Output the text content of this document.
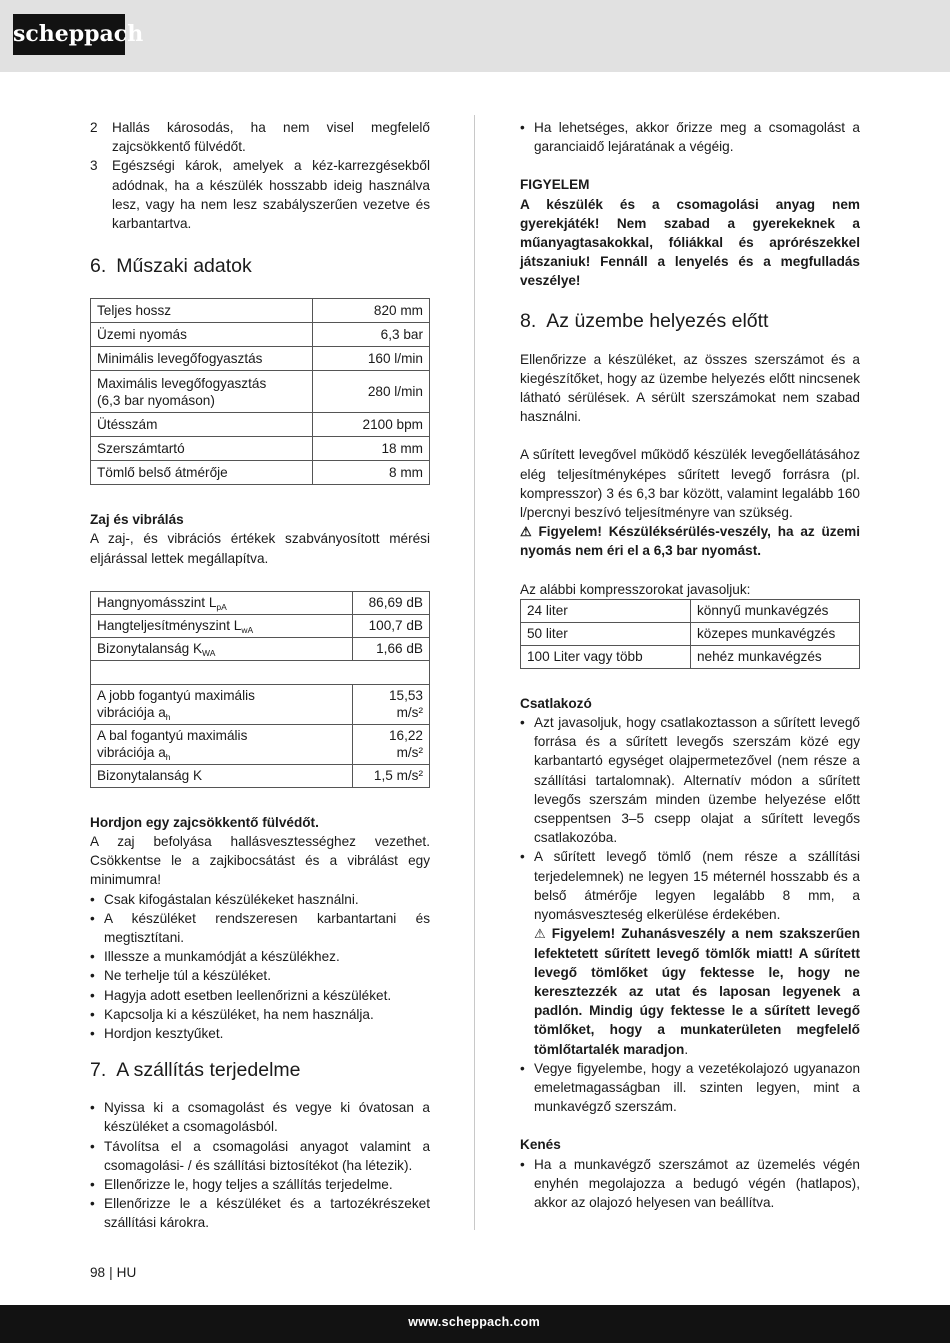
scheppach
2	Hallás károsodás, ha nem visel megfelelő zajcsökkentő fülvédőt.
3	Egészségi károk, amelyek a kéz-karrezgésekből adódnak, ha a készülék hosszabb ideig használva lesz, vagy ha nem lesz szabályszerűen vezetve és karbantartva.
6. Műszaki adatok
Teljes hossz	820 mm
Üzemi nyomás	6,3 bar
Minimális levegőfogyasztás	160 l/min

Maximális levegőfogyasztás
(6,3 bar nyomáson)	280 l/min
Ütésszám	2100 bpm
Szerszámtartó	18 mm
Tömlő belső átmérője	8 mm
Zaj és vibrálás
A zaj-, és vibrációs értékek szabványosított mérési eljárással lettek megállapítva.
Hangnyomásszint $L_{pA}$	86,69 dB
Hangteljesítményszint $L_{wA}$	100,7 dB
Bizonytalanság $K_{WA}$	1,66 dB

A jobb fogantyú maximális
vibrációja $a_h$	15,53 m/s²

A bal fogantyú maximális
vibrációja $a_h$	16,22 m/s²
Bizonytalanság K	1,5 m/s²
Hordjon egy zajcsökkentő fülvédőt.
A zaj befolyása hallásvesztességhez vezethet. Csökkentse le a zajkibocsátást és a vibrálást egy minimumra!
• Csak kifogástalan készülékeket használni.
• A készüléket rendszeresen karbantartani és megtisztítani.
• Illessze a munkamódját a készülékhez.
• Ne terhelje túl a készüléket.
• Hagyja adott esetben leellenőrizni a készüléket.
• Kapcsolja ki a készüléket, ha nem használja.
• Hordjon kesztyűket.
7. A szállítás terjedelme
• Nyissa ki a csomagolást és vegye ki óvatosan a készüléket a csomagolásból.
• Távolítsa el a csomagolási anyagot valamint a csomagolási- / és szállítási biztosítékot (ha létezik).
• Ellenőrizze le, hogy teljes a szállítás terjedelme.
• Ellenőrizze le a készüléket és a tartozékrészeket szállítási károkra.
• Ha lehetséges, akkor őrizze meg a csomagolást a garanciaidő lejáratának a végéig.
FIGYELEM
A készülék és a csomagolási anyag nem gyerekjáték! Nem szabad a gyerekeknek a műanyagtasakokkal, fóliákkal és aprórészekkel játszaniuk! Fennáll a lenyelés és a megfulladás veszélye!
8. Az üzembe helyezés előtt
Ellenőrizze a készüléket, az összes szerszámot és a kiegészítőket, hogy az üzembe helyezés előtt nincsenek látható sérülések. A sérült szerszámokat nem szabad használni.
A sűrített levegővel működő készülék levegőellátásához elég teljesítményképes sűrített levegő forrásra (pl. kompresszor) 3 és 6,3 bar között, valamint legalább 160 l/percnyi beszívó teljesítményre van szükség.
⚠ Figyelem! Készüléksérülés-veszély, ha az üzemi nyomás nem éri el a 6,3 bar nyomást.
Az alábbi kompresszorokat javasoljuk:
24 liter	könnyű munkavégzés
50 liter	közepes munkavégzés
100 Liter vagy több	nehéz munkavégzés
Csatlakozó
• Azt javasoljuk, hogy csatlakoztasson a sűrített levegő forrása és a sűrített levegős szerszám közé egy karbantartó egységet olajpermetezővel (nem része a szállítási tartalomnak). Alternatív módon a sűrített levegős szerszám minden üzembe helyezése előtt cseppentsen 3–5 csepp olajat a sűrített levegős csatlakozóba.
• A sűrített levegő tömlő (nem része a szállítási terjedelemnek) ne legyen 15 méternél hosszabb és a belső átmérője legyen legalább 8 mm, a nyomásveszteség elkerülése érdekében.
⚠ Figyelem! Zuhanásveszély a nem szakszerűen lefektetett sűrített levegő tömlők miatt! A sűrített levegő tömlőket úgy fektesse le, hogy ne keresztezzék az utat és laposan legyenek a padlón. Mindig úgy fektesse le a sűrített levegő tömlőket, hogy a munkaterületen megfelelő tömlőtartalék maradjon.
• Vegye figyelembe, hogy a vezetékolajozó ugyanazon emeletmagasságban ill. szinten legyen, mint a munkavégző szerszám.
Kenés
• Ha a munkavégző szerszámot az üzemelés végén enyhén megolajozza a bedugó végén (hatlapos), akkor az olajozó helyesen van beállítva.
98 | HU
www.scheppach.com
